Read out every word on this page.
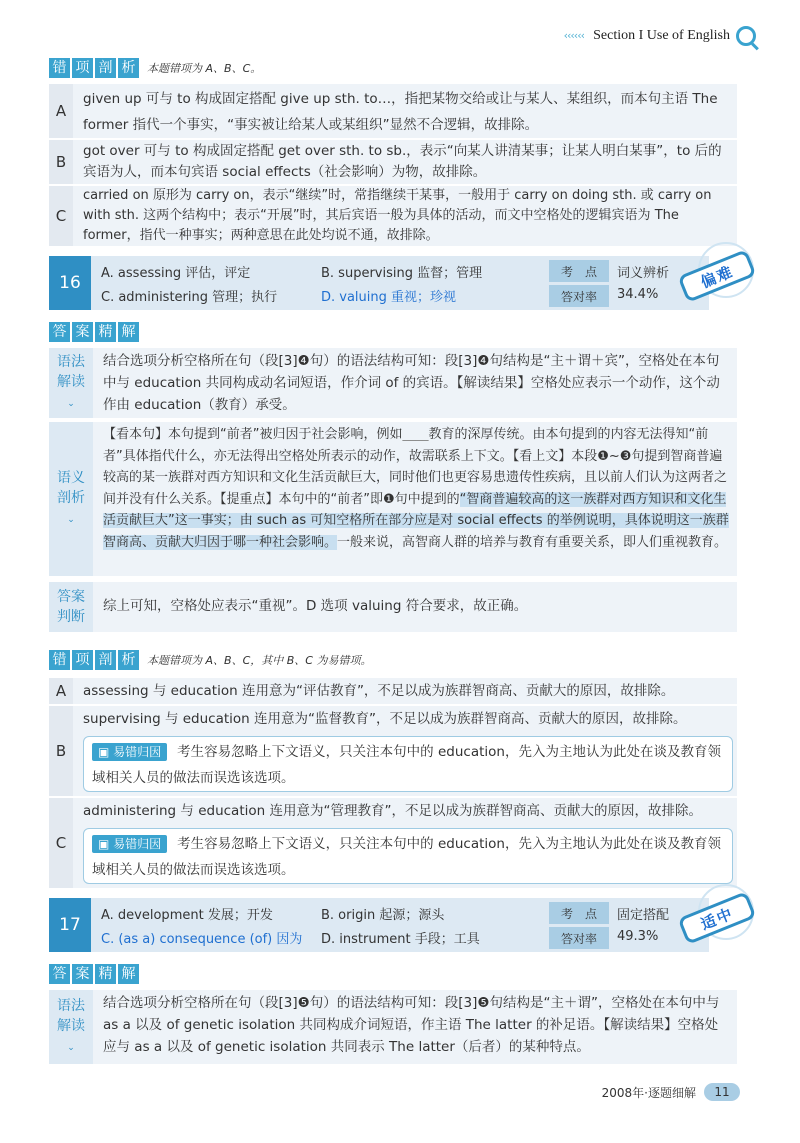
‹‹‹‹‹‹ Section I Use of English
错 项 剖 析	本题错项为 A、B、C。
A
given up 可与 to 构成固定搭配 give up sth. to…，指把某物交给或让与某人、某组织，而本句主语 The former 指代一个事实，“事实被让给某人或某组织”显然不合逻辑，故排除。
B
got over 可与 to 构成固定搭配 get over sth. to sb.，表示“向某人讲清某事；让某人明白某事”，to 后的宾语为人，而本句宾语 social effects（社会影响）为物，故排除。
C
carried on 原形为 carry on，表示“继续”时，常指继续干某事，一般用于 carry on doing sth. 或 carry on with sth. 这两个结构中；表示“开展”时，其后宾语一般为具体的活动，而文中空格处的逻辑宾语为 The former，指代一种事实；两种意思在此处均说不通，故排除。
16	A. assessing 评估，评定	B. supervising 监督；管理
C. administering 管理；执行	D. valuing 重视；珍视
考　点	词义辨析
答对率	34.4%
偏难
答 案 精 解
语法解读
⌄
结合选项分析空格所在句（段[3]❹句）的语法结构可知：段[3]❹句结构是“主＋谓＋宾”，空格处在本句中与 education 共同构成动名词短语，作介词 of 的宾语。【解读结果】空格处应表示一个动作，这个动作由 education（教育）承受。
语义剖析
⌄
【看本句】本句提到“前者”被归因于社会影响，例如____教育的深厚传统。由本句提到的内容无法得知“前者”具体指代什么，亦无法得出空格处所表示的动作，故需联系上下文。【看上文】本段❶~❸句提到智商普遍较高的某一族群对西方知识和文化生活贡献巨大，同时他们也更容易患遗传性疾病，且以前人们认为这两者之间并没有什么关系。【提重点】本句中的“前者”即❶句中提到的“智商普遍较高的这一族群对西方知识和文化生活贡献巨大”这一事实；由 such as 可知空格所在部分应是对 social effects 的举例说明，具体说明这一族群智商高、贡献大归因于哪一种社会影响。一般来说，高智商人群的培养与教育有重要关系，即人们重视教育。
答案判断
综上可知，空格处应表示“重视”。D 选项 valuing 符合要求，故正确。
错 项 剖 析	本题错项为 A、B、C，其中 B、C 为易错项。
A	assessing 与 education 连用意为“评估教育”，不足以成为族群智商高、贡献大的原因，故排除。
B
supervising 与 education 连用意为“监督教育”，不足以成为族群智商高、贡献大的原因，故排除。
▣ 易错归因 考生容易忽略上下文语义，只关注本句中的 education，先入为主地认为此处在谈及教育领域相关人员的做法而误选该选项。
C
administering 与 education 连用意为“管理教育”，不足以成为族群智商高、贡献大的原因，故排除。
▣ 易错归因 考生容易忽略上下文语义，只关注本句中的 education，先入为主地认为此处在谈及教育领域相关人员的做法而误选该选项。
17	A. development 发展；开发	B. origin 起源；源头
C. (as a) consequence (of) 因为 D. instrument 手段；工具
考　点	固定搭配
答对率	49.3%
适中
答 案 精 解
语法解读
⌄
结合选项分析空格所在句（段[3]❺句）的语法结构可知：段[3]❺句结构是“主＋谓”，空格处在本句中与 as a 以及 of genetic isolation 共同构成介词短语，作主语 The latter 的补足语。【解读结果】空格处应与 as a 以及 of genetic isolation 共同表示 The latter（后者）的某种特点。
2008年·逐题细解	11
